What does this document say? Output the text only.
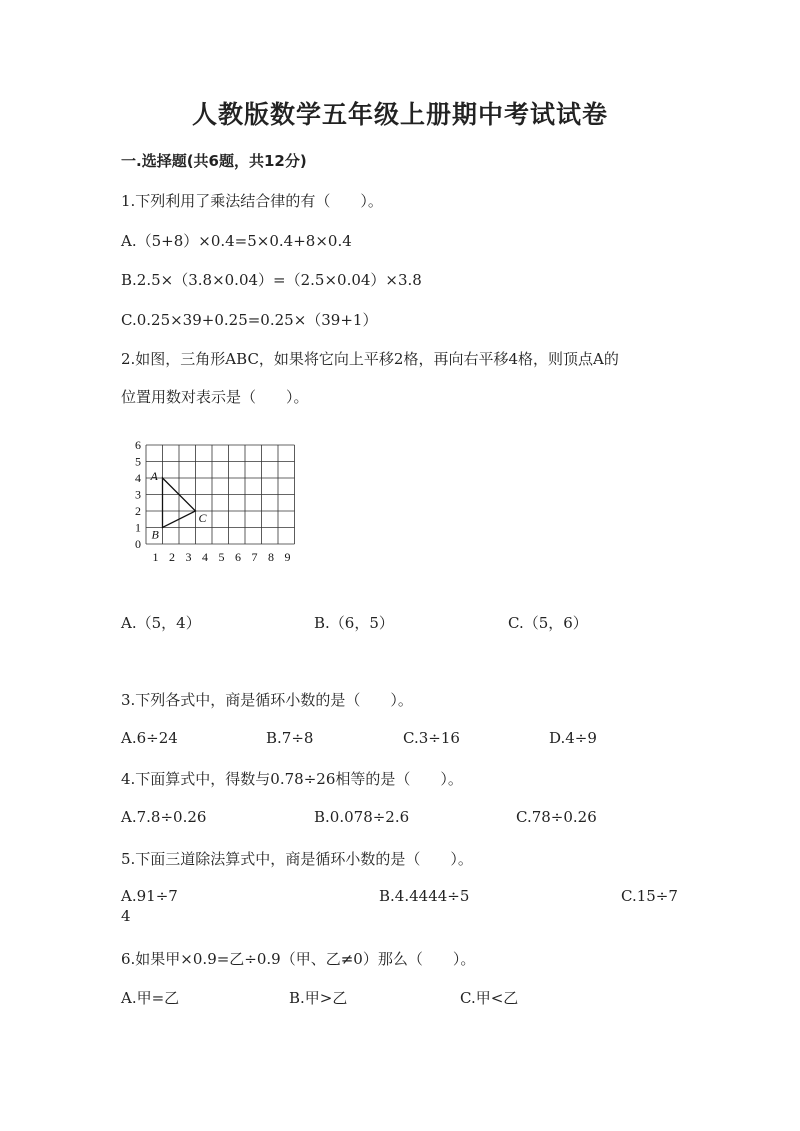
人教版数学五年级上册期中考试试卷
一.选择题(共6题，共12分)
1.下列利用了乘法结合律的有（　　）。
A.（5+8）×0.4=5×0.4+8×0.4
B.2.5×（3.8×0.04）=（2.5×0.04）×3.8
C.0.25×39+0.25=0.25×（39+1）
2.如图，三角形ABC，如果将它向上平移2格，再向右平移4格，则顶点A的
位置用数对表示是（　　）。
0
1
2
3
4
5
6
1 2 3 4 5 6 7 8 9
A
B
C
A.（5，4）	B.（6，5）	C.（5，6）
3.下列各式中，商是循环小数的是（　　）。
A.6÷24	B.7÷8	C.3÷16	D.4÷9
4.下面算式中，得数与0.78÷26相等的是（　　）。
A.7.8÷0.26	B.0.078÷2.6	C.78÷0.26
5.下面三道除法算式中，商是循环小数的是（　　）。
A.91÷7	B.4.4444÷5	C.15÷7
4
6.如果甲×0.9=乙÷0.9（甲、乙≠0）那么（　　）。
A.甲=乙	B.甲>乙	C.甲<乙
